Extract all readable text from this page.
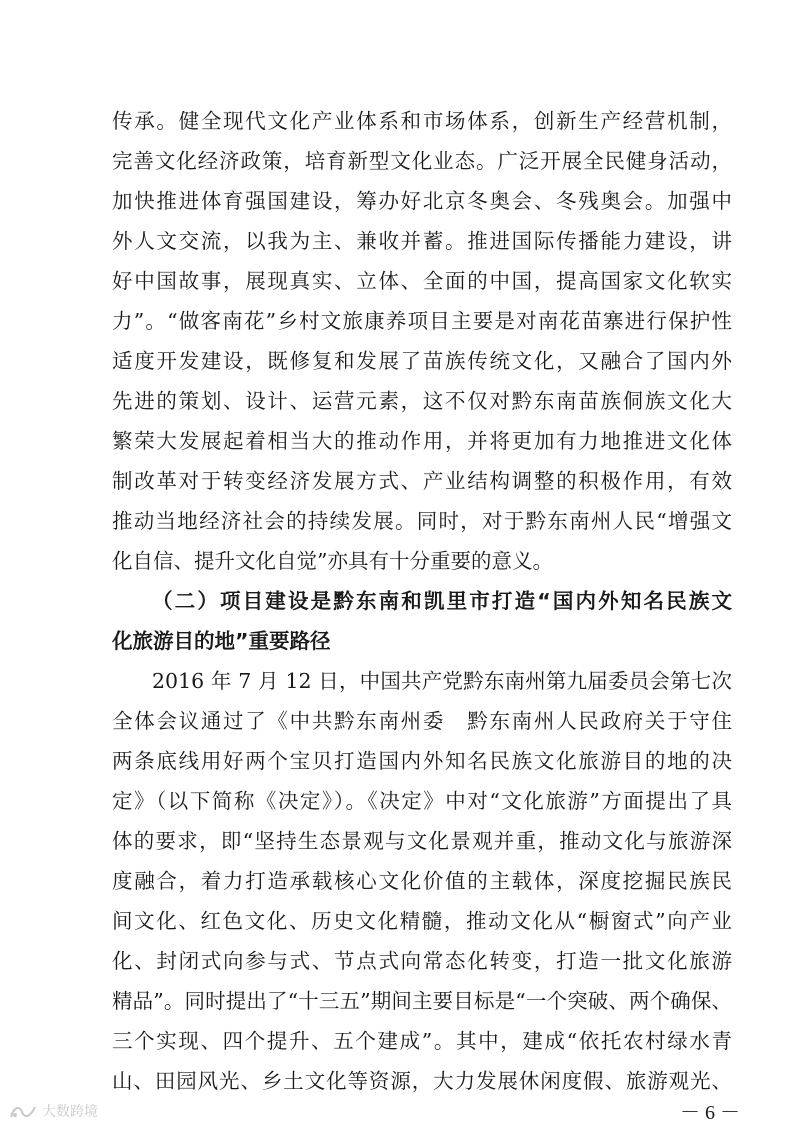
传承。健全现代文化产业体系和市场体系，创新生产经营机制，
完善文化经济政策，培育新型文化业态。广泛开展全民健身活动，
加快推进体育强国建设，筹办好北京冬奥会、冬残奥会。加强中
外人文交流，以我为主、兼收并蓄。推进国际传播能力建设，讲
好中国故事，展现真实、立体、全面的中国，提高国家文化软实
力”。“做客南花”乡村文旅康养项目主要是对南花苗寨进行保护性
适度开发建设，既修复和发展了苗族传统文化，又融合了国内外
先进的策划、设计、运营元素，这不仅对黔东南苗族侗族文化大
繁荣大发展起着相当大的推动作用，并将更加有力地推进文化体
制改革对于转变经济发展方式、产业结构调整的积极作用，有效
推动当地经济社会的持续发展。同时，对于黔东南州人民“增强文
化自信、提升文化自觉”亦具有十分重要的意义。
（二）项目建设是黔东南和凯里市打造“国内外知名民族文
化旅游目的地”重要路径
2016 年 7 月 12 日，中国共产党黔东南州第九届委员会第七次
全体会议通过了《中共黔东南州委　黔东南州人民政府关于守住
两条底线用好两个宝贝打造国内外知名民族文化旅游目的地的决
定》（以下简称《决定》）。《决定》中对“文化旅游”方面提出了具
体的要求，即“坚持生态景观与文化景观并重，推动文化与旅游深
度融合，着力打造承载核心文化价值的主载体，深度挖掘民族民
间文化、红色文化、历史文化精髓，推动文化从“橱窗式”向产业
化、封闭式向参与式、节点式向常态化转变，打造一批文化旅游
精品”。同时提出了“十三五”期间主要目标是“一个突破、两个确保、
三个实现、四个提升、五个建成”。其中，建成“依托农村绿水青
山、田园风光、乡土文化等资源，大力发展休闲度假、旅游观光、
－ 6 －
大数跨境
